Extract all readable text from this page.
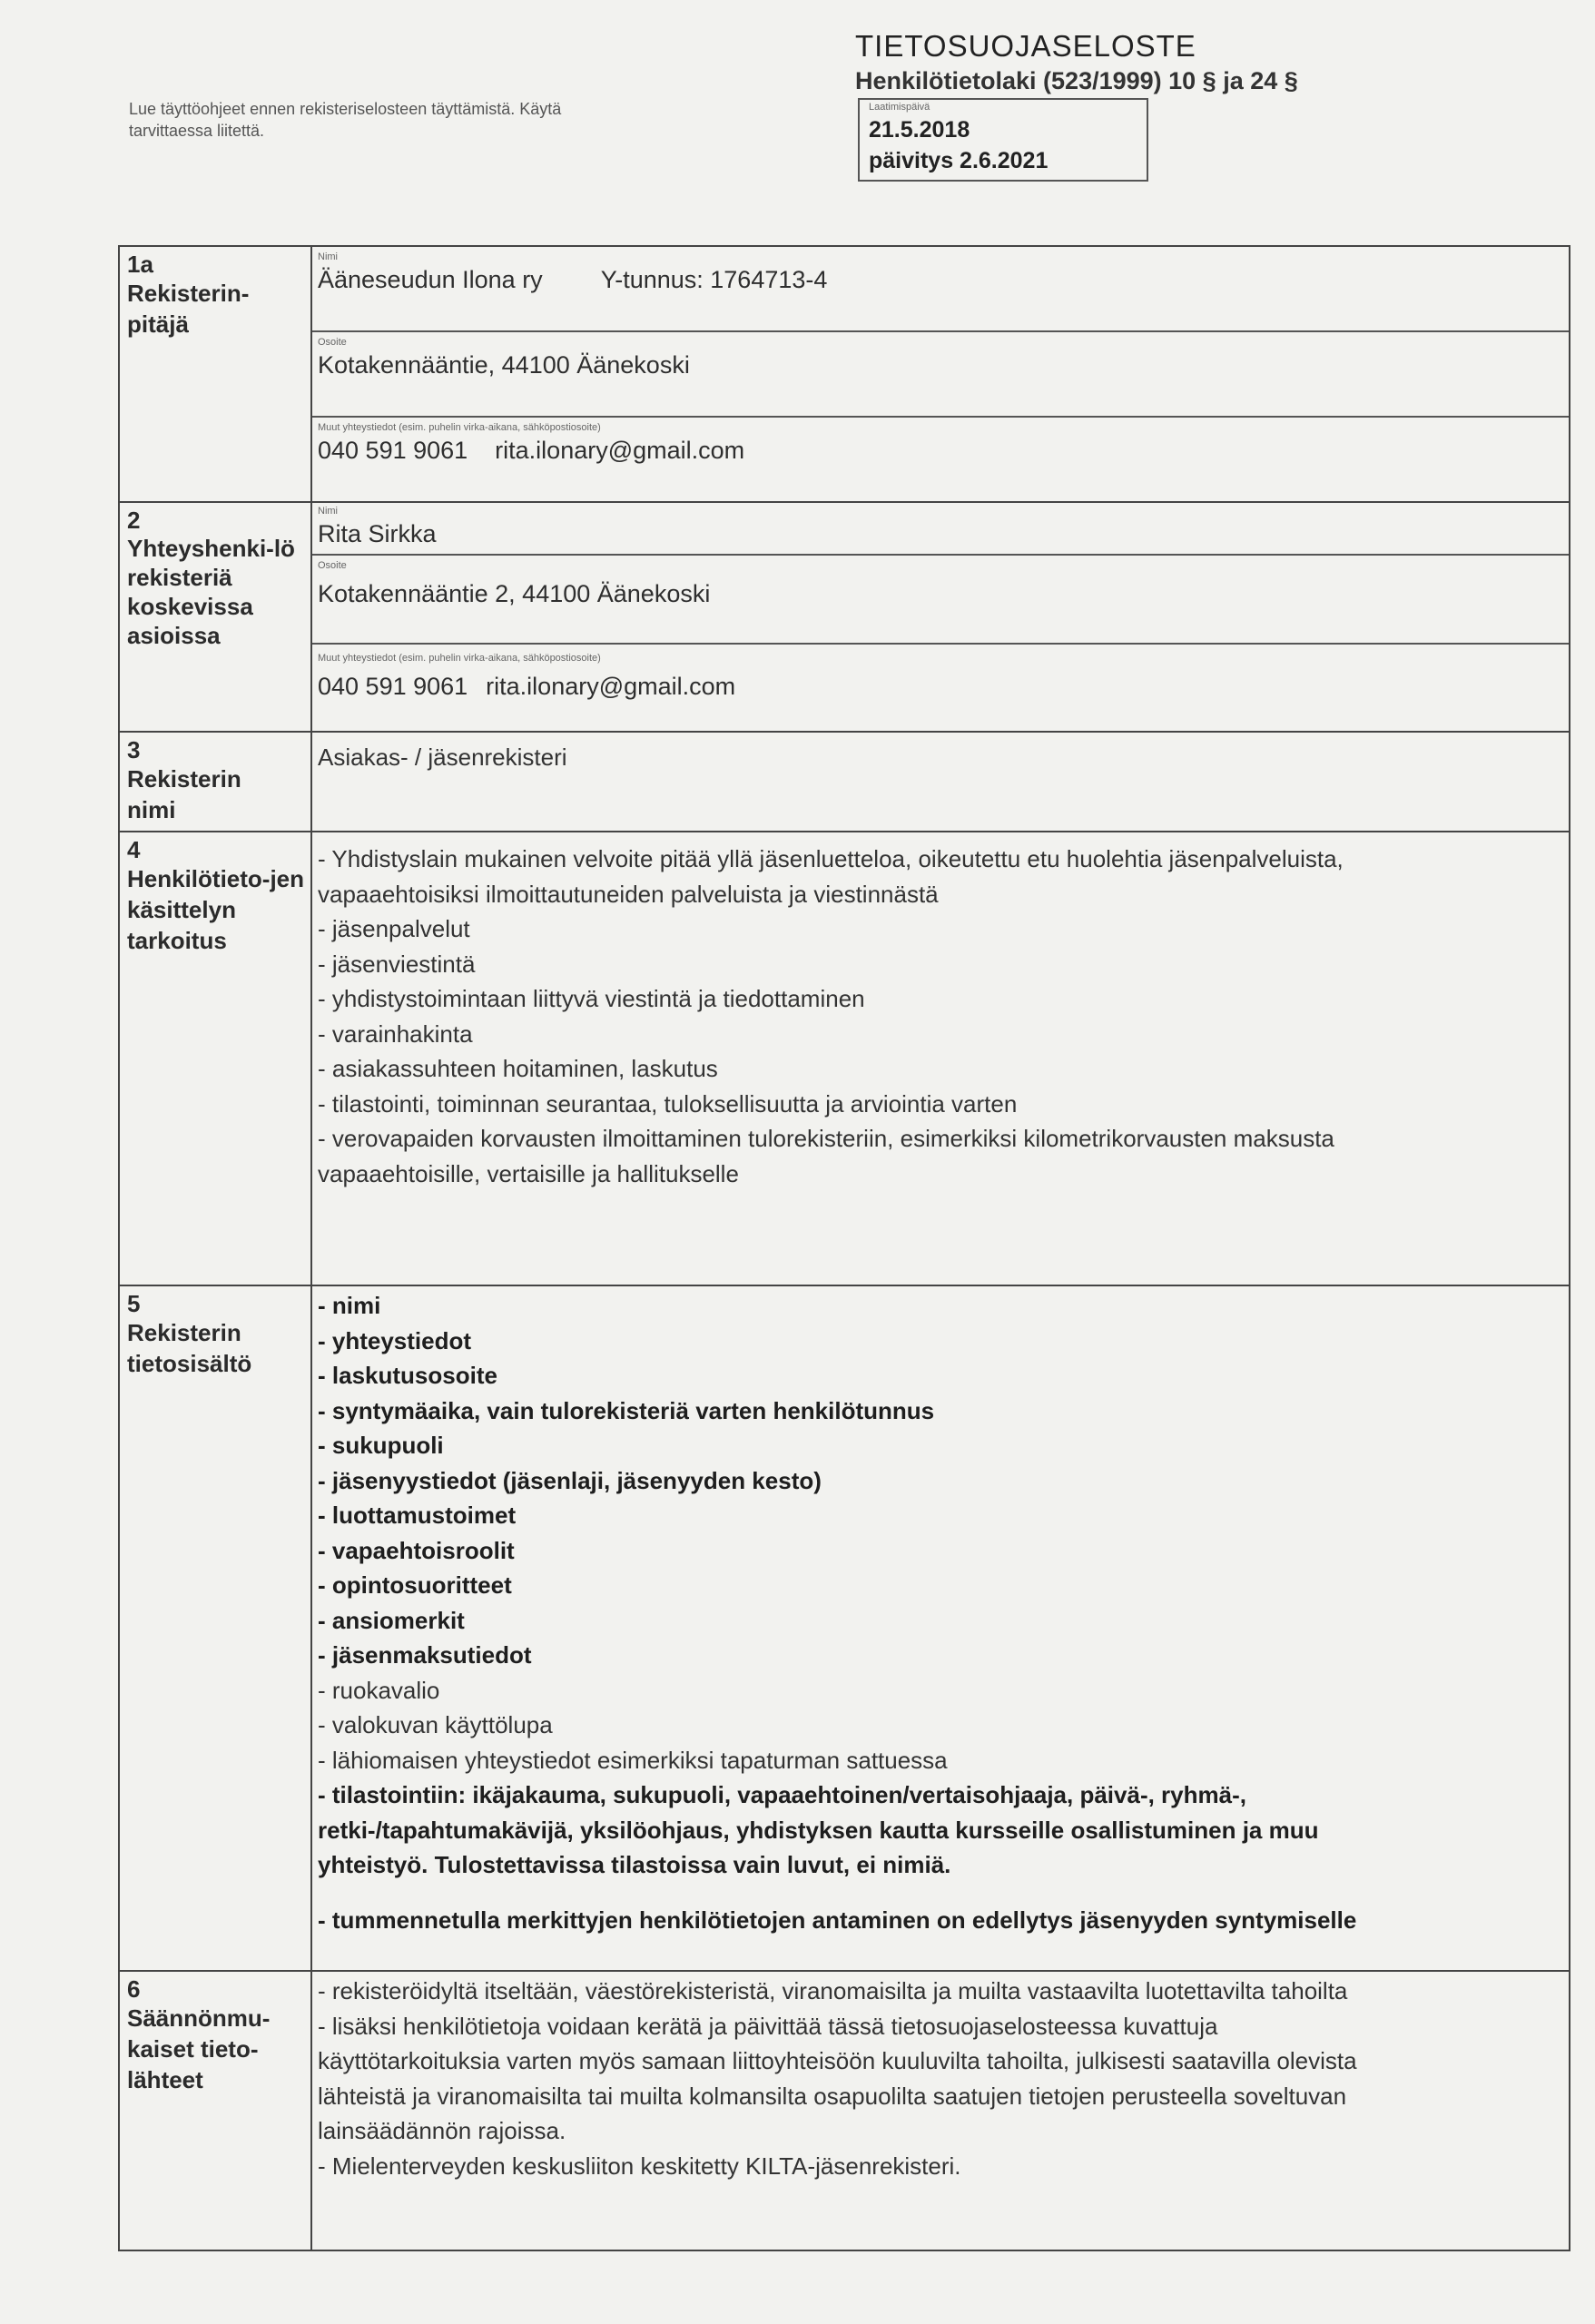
TIETOSUOJASELOSTE
Henkilötietolaki (523/1999) 10 § ja 24 §
Lue täyttöohjeet ennen rekisteriselosteen täyttämistä. Käytä tarvittaessa liitettä.
Laatimispäivä
21.5.2018
päivitys 2.6.2021
1a
Rekisterin-pitäjä
Nimi
Ääneseudun Ilona ry Y-tunnus: 1764713-4
Osoite
Kotakennääntie, 44100 Äänekoski
Muut yhteystiedot (esim. puhelin virka-aikana, sähköpostiosoite)
040 591 9061 rita.ilonary@gmail.com
2
Yhteyshenki-lö rekisteriä koskevissa asioissa
Nimi
Rita Sirkka
Osoite
Kotakennääntie 2, 44100 Äänekoski
Muut yhteystiedot (esim. puhelin virka-aikana, sähköpostiosoite)
040 591 9061 rita.ilonary@gmail.com
3
Rekisterin nimi
Asiakas- / jäsenrekisteri
4
Henkilötieto-jen käsittelyn tarkoitus
- Yhdistyslain mukainen velvoite pitää yllä jäsenluetteloa, oikeutettu etu huolehtia jäsenpalveluista,
vapaaehtoisiksi ilmoittautuneiden palveluista ja viestinnästä
- jäsenpalvelut
- jäsenviestintä
- yhdistystoimintaan liittyvä viestintä ja tiedottaminen
- varainhakinta
- asiakassuhteen hoitaminen, laskutus
- tilastointi, toiminnan seurantaa, tuloksellisuutta ja arviointia varten
- verovapaiden korvausten ilmoittaminen tulorekisteriin, esimerkiksi kilometrikorvausten maksusta
vapaaehtoisille, vertaisille ja hallitukselle
5
Rekisterin tietosisältö
- nimi
- yhteystiedot
- laskutusosoite
- syntymäaika, vain tulorekisteriä varten henkilötunnus
- sukupuoli
- jäsenyystiedot (jäsenlaji, jäsenyyden kesto)
- luottamustoimet
- vapaehtoisroolit
- opintosuoritteet
- ansiomerkit
- jäsenmaksutiedot
- ruokavalio
- valokuvan käyttölupa
- lähiomaisen yhteystiedot esimerkiksi tapaturman sattuessa
- tilastointiin: ikäjakauma, sukupuoli, vapaaehtoinen/vertaisohjaaja, päivä-, ryhmä-,
retki-/tapahtumakävijä, yksilöohjaus, yhdistyksen kautta kursseille osallistuminen ja muu
yhteistyö. Tulostettavissa tilastoissa vain luvut, ei nimiä.
- tummennetulla merkittyjen henkilötietojen antaminen on edellytys jäsenyyden syntymiselle
6
Säännönmu-kaiset tieto-lähteet
- rekisteröidyltä itseltään, väestörekisteristä, viranomaisilta ja muilta vastaavilta luotettavilta tahoilta
- lisäksi henkilötietoja voidaan kerätä ja päivittää tässä tietosuojaselosteessa kuvattuja
käyttötarkoituksia varten myös samaan liittoyhteisöön kuuluvilta tahoilta, julkisesti saatavilla olevista
lähteistä ja viranomaisilta tai muilta kolmansilta osapuolilta saatujen tietojen perusteella soveltuvan
lainsäädännön rajoissa.
- Mielenterveyden keskusliiton keskitetty KILTA-jäsenrekisteri.
